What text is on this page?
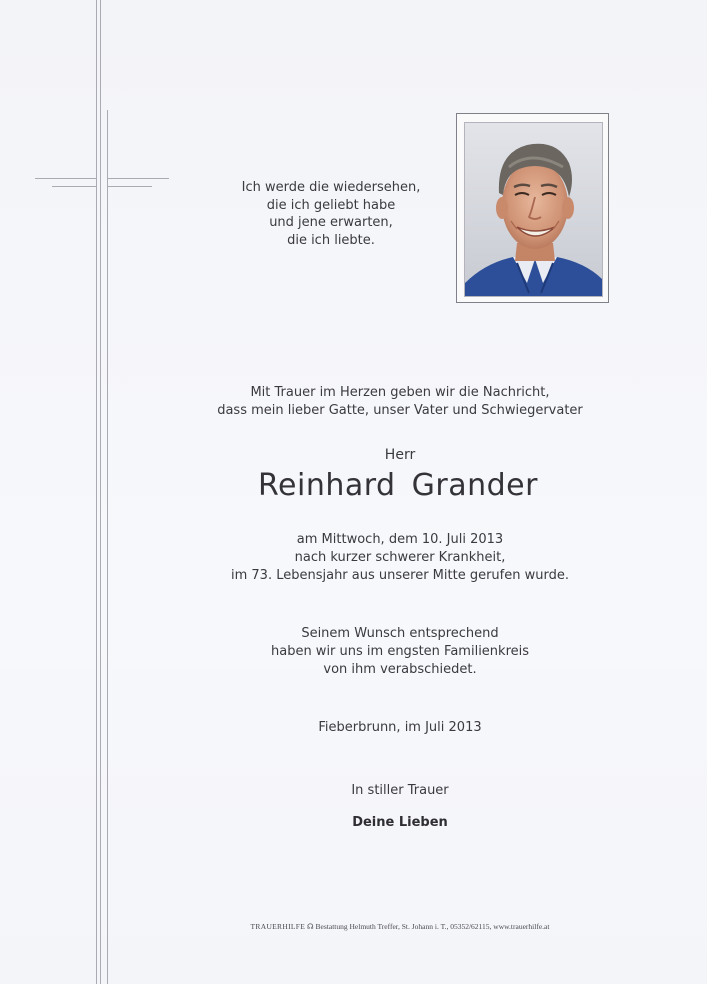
Ich werde die wiedersehen,
die ich geliebt habe
und jene erwarten,
die ich liebte.
Mit Trauer im Herzen geben wir die Nachricht,
dass mein lieber Gatte, unser Vater und Schwiegervater
Herr
Reinhard Grander
am Mittwoch, dem 10. Juli 2013
nach kurzer schwerer Krankheit,
im 73. Lebensjahr aus unserer Mitte gerufen wurde.
Seinem Wunsch entsprechend
haben wir uns im engsten Familienkreis
von ihm verabschiedet.
Fieberbrunn, im Juli 2013
In stiller Trauer
Deine Lieben
TRAUERHILFE ☊ Bestattung Helmuth Treffer, St. Johann i. T., 05352/62115, www.trauerhilfe.at
